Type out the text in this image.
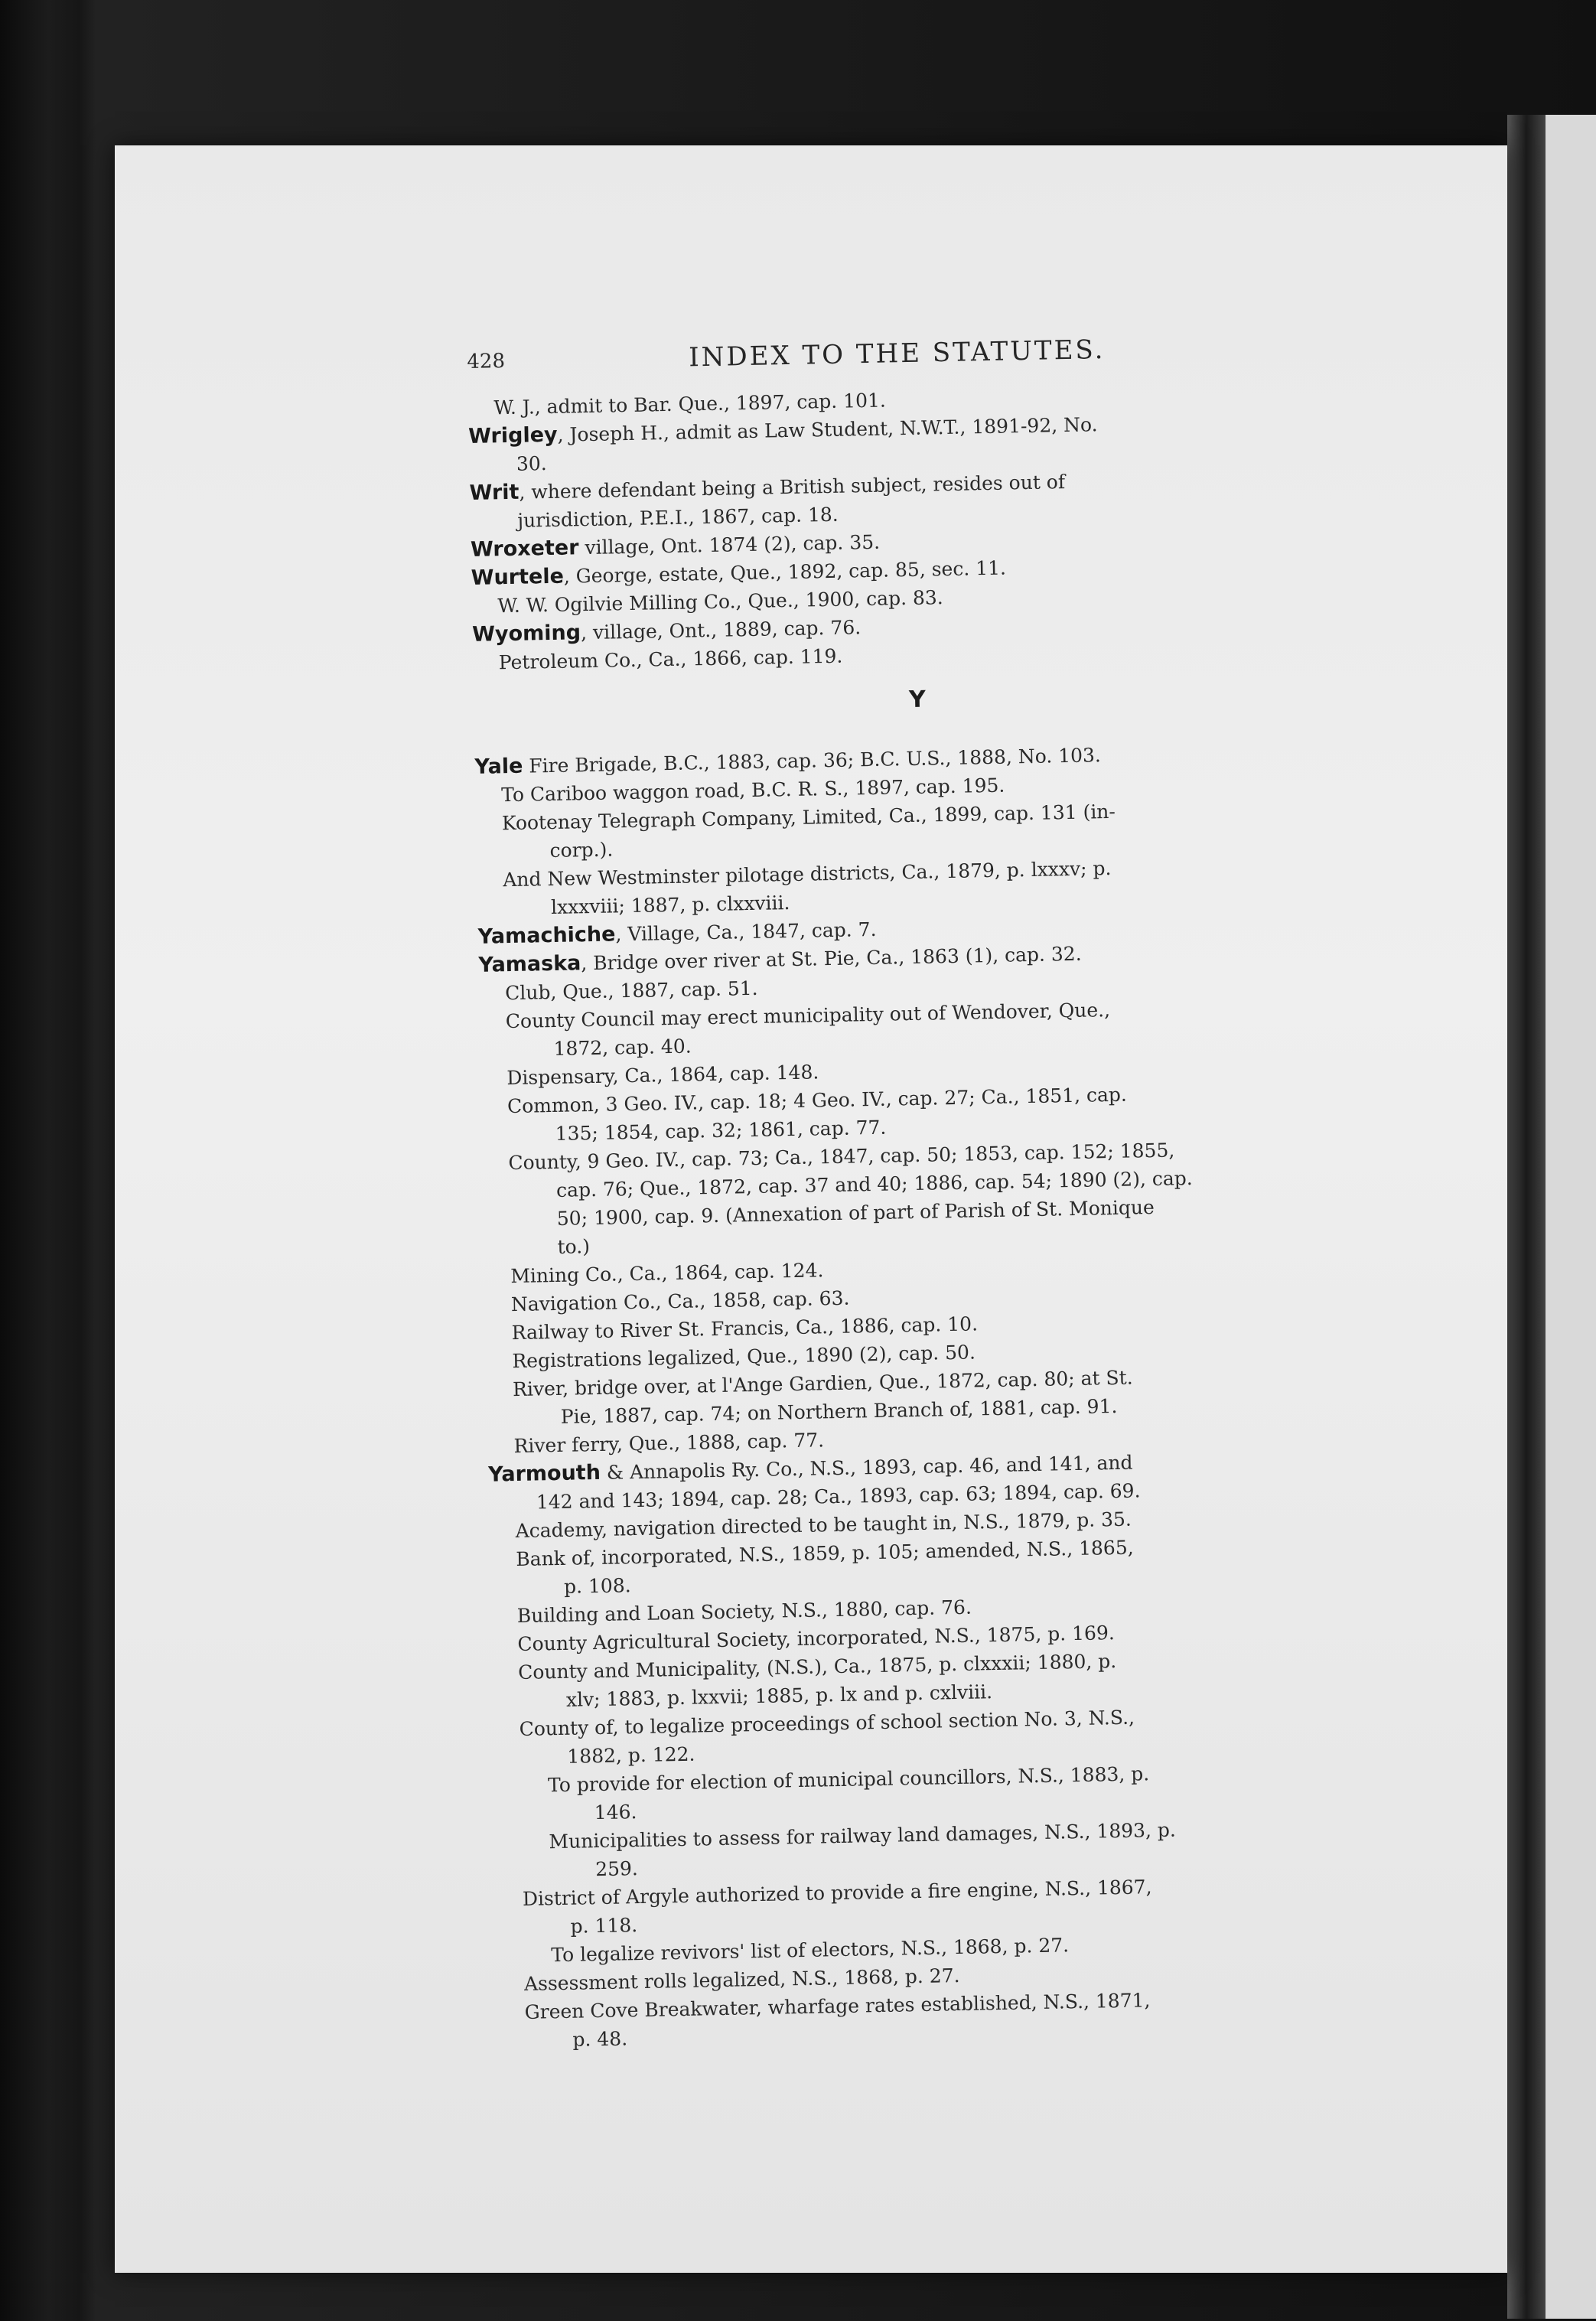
428	INDEX TO THE STATUTES.
W. J., admit to Bar. Que., 1897, cap. 101.
Wrigley, Joseph H., admit as Law Student, N.W.T., 1891-92, No.
30.
Writ, where defendant being a British subject, resides out of
jurisdiction, P.E.I., 1867, cap. 18.
Wroxeter village, Ont. 1874 (2), cap. 35.
Wurtele, George, estate, Que., 1892, cap. 85, sec. 11.
W. W. Ogilvie Milling Co., Que., 1900, cap. 83.
Wyoming, village, Ont., 1889, cap. 76.
Petroleum Co., Ca., 1866, cap. 119.
Y
Yale Fire Brigade, B.C., 1883, cap. 36; B.C. U.S., 1888, No. 103.
To Cariboo waggon road, B.C. R. S., 1897, cap. 195.
Kootenay Telegraph Company, Limited, Ca., 1899, cap. 131 (in-
corp.).
And New Westminster pilotage districts, Ca., 1879, p. lxxxv; p.
lxxxviii; 1887, p. clxxviii.
Yamachiche, Village, Ca., 1847, cap. 7.
Yamaska, Bridge over river at St. Pie, Ca., 1863 (1), cap. 32.
Club, Que., 1887, cap. 51.
County Council may erect municipality out of Wendover, Que.,
1872, cap. 40.
Dispensary, Ca., 1864, cap. 148.
Common, 3 Geo. IV., cap. 18; 4 Geo. IV., cap. 27; Ca., 1851, cap.
135; 1854, cap. 32; 1861, cap. 77.
County, 9 Geo. IV., cap. 73; Ca., 1847, cap. 50; 1853, cap. 152; 1855,
cap. 76; Que., 1872, cap. 37 and 40; 1886, cap. 54; 1890 (2), cap.
50; 1900, cap. 9. (Annexation of part of Parish of St. Monique
to.)
Mining Co., Ca., 1864, cap. 124.
Navigation Co., Ca., 1858, cap. 63.
Railway to River St. Francis, Ca., 1886, cap. 10.
Registrations legalized, Que., 1890 (2), cap. 50.
River, bridge over, at l'Ange Gardien, Que., 1872, cap. 80; at St.
Pie, 1887, cap. 74; on Northern Branch of, 1881, cap. 91.
River ferry, Que., 1888, cap. 77.
Yarmouth & Annapolis Ry. Co., N.S., 1893, cap. 46, and 141, and
142 and 143; 1894, cap. 28; Ca., 1893, cap. 63; 1894, cap. 69.
Academy, navigation directed to be taught in, N.S., 1879, p. 35.
Bank of, incorporated, N.S., 1859, p. 105; amended, N.S., 1865,
p. 108.
Building and Loan Society, N.S., 1880, cap. 76.
County Agricultural Society, incorporated, N.S., 1875, p. 169.
County and Municipality, (N.S.), Ca., 1875, p. clxxxii; 1880, p.
xlv; 1883, p. lxxvii; 1885, p. lx and p. cxlviii.
County of, to legalize proceedings of school section No. 3, N.S.,
1882, p. 122.
To provide for election of municipal councillors, N.S., 1883, p.
146.
Municipalities to assess for railway land damages, N.S., 1893, p.
259.
District of Argyle authorized to provide a fire engine, N.S., 1867,
p. 118.
To legalize revivors' list of electors, N.S., 1868, p. 27.
Assessment rolls legalized, N.S., 1868, p. 27.
Green Cove Breakwater, wharfage rates established, N.S., 1871,
p. 48.
